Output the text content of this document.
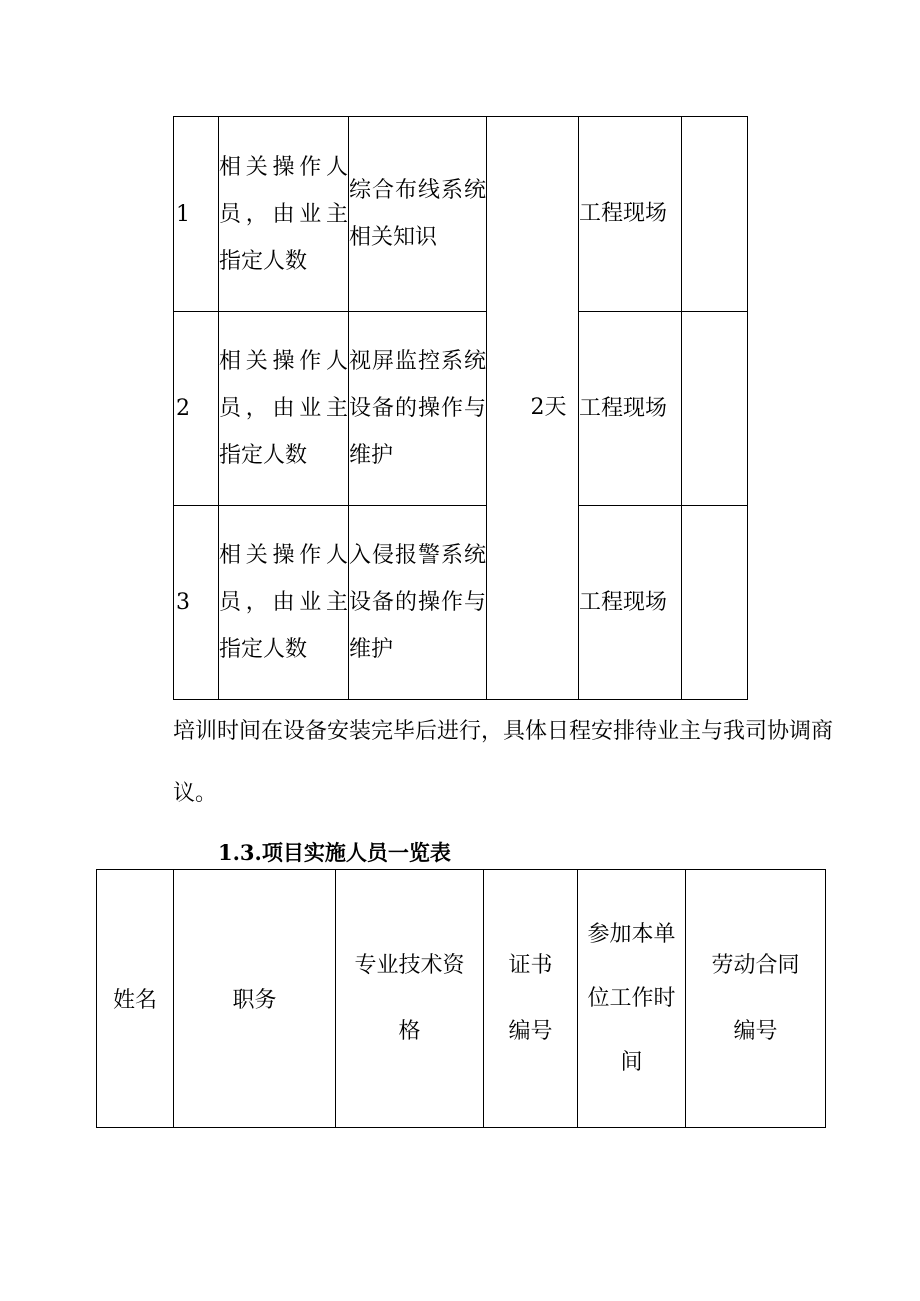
1	相关操作人员，由业主指定人数	综合布线系统相关知识	2天	工程现场	
2	相关操作人员，由业主指定人数	视屏监控系统设备的操作与维护		工程现场	
3	相关操作人员，由业主指定人数	入侵报警系统设备的操作与维护		工程现场	
培训时间在设备安装完毕后进行，具体日程安排待业主与我司协调商议。
1.3.项目实施人员一览表
姓名	职务	专业技术资格	证书编号	参加本单位工作时间	劳动合同编号
